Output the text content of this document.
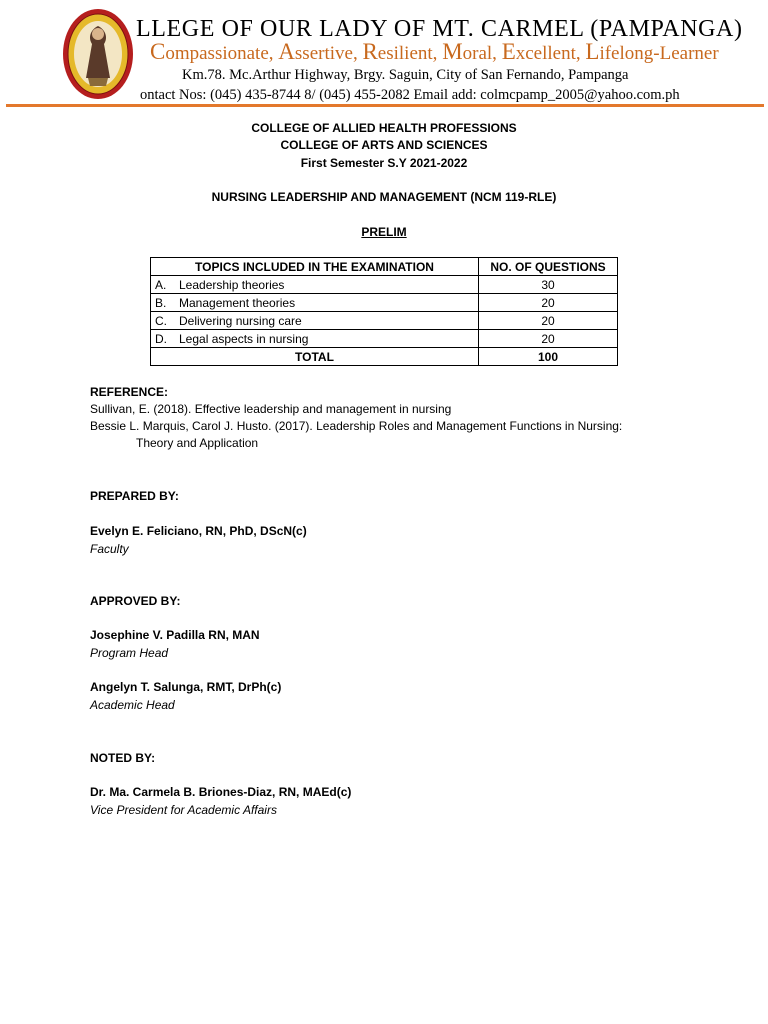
LLEGE OF OUR LADY OF MT. CARMEL (PAMPANGA)
Compassionate, Assertive, Resilient, Moral, Excellent, Lifelong-Learner
Km.78. Mc.Arthur Highway, Brgy. Saguin, City of San Fernando, Pampanga
ontact Nos: (045) 435-8744 8/ (045) 455-2082 Email add: colmcpamp_2005@yahoo.com.ph
COLLEGE OF ALLIED HEALTH PROFESSIONS
COLLEGE OF ARTS AND SCIENCES
First Semester S.Y 2021-2022
NURSING LEADERSHIP AND MANAGEMENT (NCM 119-RLE)
PRELIM
TOPICS INCLUDED IN THE EXAMINATION	NO. OF QUESTIONS
A. Leadership theories	30
B. Management theories	20
C. Delivering nursing care	20
D. Legal aspects in nursing	20
TOTAL	100
REFERENCE:
Sullivan, E. (2018). Effective leadership and management in nursing
Bessie L. Marquis, Carol J. Husto. (2017). Leadership Roles and Management Functions in Nursing:
Theory and Application
PREPARED BY:
Evelyn E. Feliciano, RN, PhD, DScN(c)
Faculty
APPROVED BY:
Josephine V. Padilla RN, MAN
Program Head
Angelyn T. Salunga, RMT, DrPh(c)
Academic Head
NOTED BY:
Dr. Ma. Carmela B. Briones-Diaz, RN, MAEd(c)
Vice President for Academic Affairs
